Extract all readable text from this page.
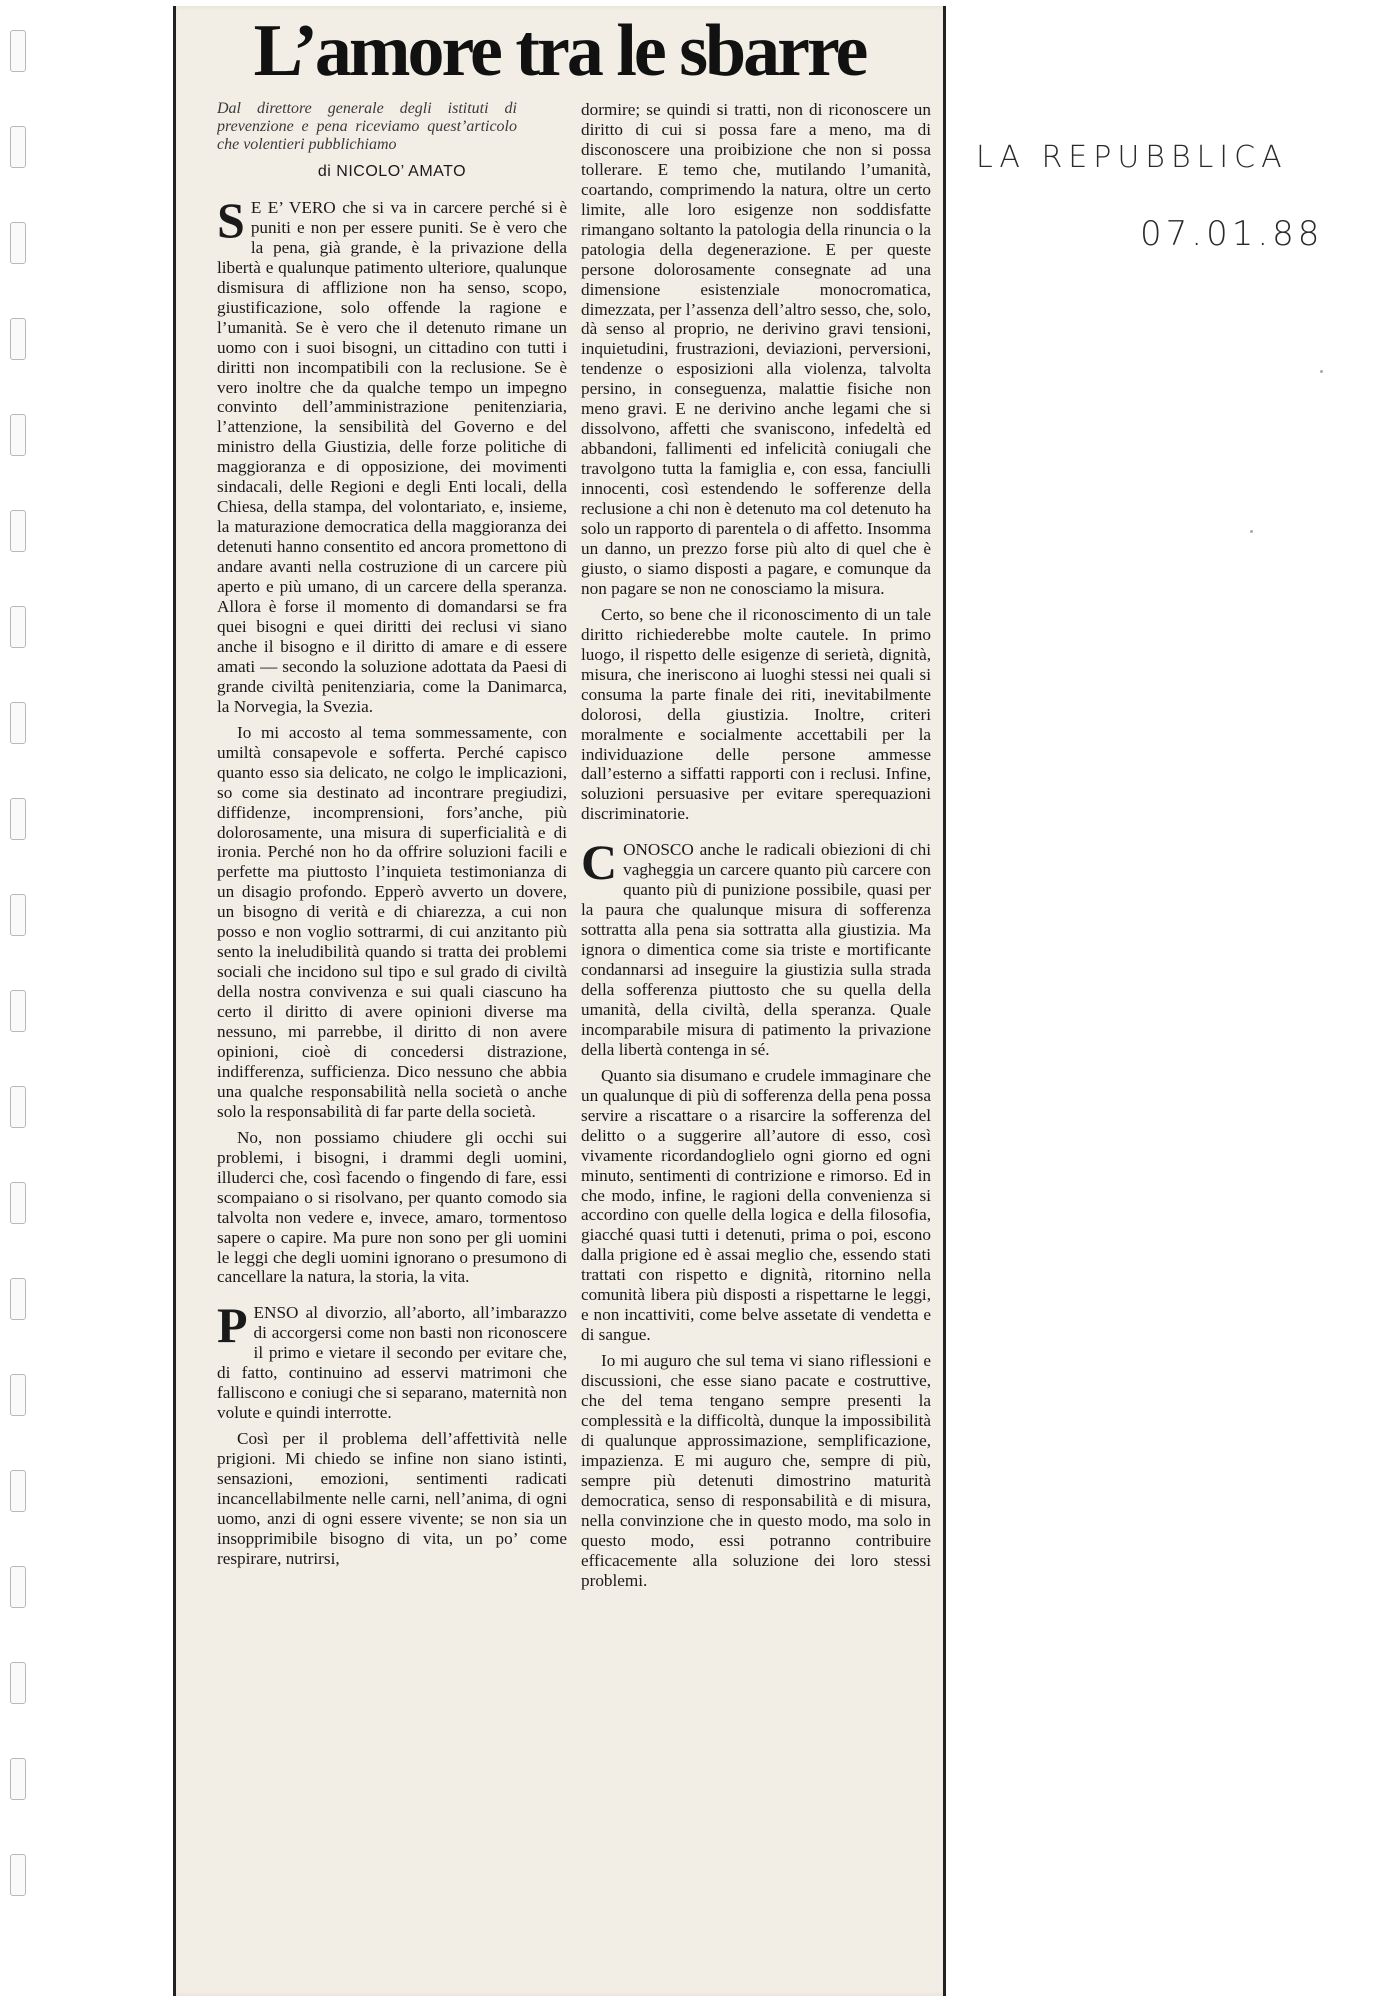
L’amore tra le sbarre
Dal direttore generale degli istituti di prevenzione e pena riceviamo quest’articolo che volentieri pubblichiamo
di NICOLO’ AMATO

S E E’ VERO che si va in carcere perché si è puniti e non per essere puniti. Se è vero che la pena, già grande, è la privazione della libertà e qualunque patimento ulteriore, qualunque dismisura di afflizione non ha senso, scopo, giustificazione, solo offende la ragione e l’umanità. Se è vero che il detenuto rimane un uomo con i suoi bisogni, un cittadino con tutti i diritti non incompatibili con la reclusione. Se è vero inoltre che da qualche tempo un impegno convinto dell’amministrazione penitenziaria, l’attenzione, la sensibilità del Governo e del ministro della Giustizia, delle forze politiche di maggioranza e di opposizione, dei movimenti sindacali, delle Regioni e degli Enti locali, della Chiesa, della stampa, del volontariato, e, insieme, la maturazione democratica della maggioranza dei detenuti hanno consentito ed ancora promettono di andare avanti nella costruzione di un carcere più aperto e più umano, di un carcere della speranza. Allora è forse il momento di domandarsi se fra quei bisogni e quei diritti dei reclusi vi siano anche il bisogno e il diritto di amare e di essere amati — secondo la soluzione adottata da Paesi di grande civiltà penitenziaria, come la Danimarca, la Norvegia, la Svezia.

Io mi accosto al tema sommessamente, con umiltà consapevole e sofferta. Perché capisco quanto esso sia delicato, ne colgo le implicazioni, so come sia destinato ad incontrare pregiudizi, diffidenze, incomprensioni, fors’anche, più dolorosamente, una misura di superficialità e di ironia. Perché non ho da offrire soluzioni facili e perfette ma piuttosto l’inquieta testimonianza di un disagio profondo. Epperò avverto un dovere, un bisogno di verità e di chiarezza, a cui non posso e non voglio sottrarmi, di cui anzitanto più sento la ineludibilità quando si tratta dei problemi sociali che incidono sul tipo e sul grado di civiltà della nostra convivenza e sui quali ciascuno ha certo il diritto di avere opinioni diverse ma nessuno, mi parrebbe, il diritto di non avere opinioni, cioè di concedersi distrazione, indifferenza, sufficienza. Dico nessuno che abbia una qualche responsabilità nella società o anche solo la responsabilità di far parte della società.

No, non possiamo chiudere gli occhi sui problemi, i bisogni, i drammi degli uomini, illuderci che, così facendo o fingendo di fare, essi scompaiano o si risolvano, per quanto comodo sia talvolta non vedere e, invece, amaro, tormentoso sapere o capire. Ma pure non sono per gli uomini le leggi che degli uomini ignorano o presumono di cancellare la natura, la storia, la vita.

PENSO al divorzio, all’aborto, all’imbarazzo di accorgersi come non basti non riconoscere il primo e vietare il secondo per evitare che, di fatto, continuino ad esservi matrimoni che falliscono e coniugi che si separano, maternità non volute e quindi interrotte.

Così per il problema dell’affettività nelle prigioni. Mi chiedo se infine non siano istinti, sensazioni, emozioni, sentimenti radicati incancellabilmente nelle carni, nell’anima, di ogni uomo, anzi di ogni essere vivente; se non sia un insopprimibile bisogno di vita, un po’ come respirare, nutrirsi,

dormire; se quindi si tratti, non di riconoscere un diritto di cui si possa fare a meno, ma di disconoscere una proibizione che non si possa tollerare. E temo che, mutilando l’umanità, coartando, comprimendo la natura, oltre un certo limite, alle loro esigenze non soddisfatte rimangano soltanto la patologia della rinuncia o la patologia della degenerazione. E per queste persone dolorosamente consegnate ad una dimensione esistenziale monocromatica, dimezzata, per l’assenza dell’altro sesso, che, solo, dà senso al proprio, ne derivino gravi tensioni, inquietudini, frustrazioni, deviazioni, perversioni, tendenze o esposizioni alla violenza, talvolta persino, in conseguenza, malattie fisiche non meno gravi. E ne derivino anche legami che si dissolvono, affetti che svaniscono, infedeltà ed abbandoni, fallimenti ed infelicità coniugali che travolgono tutta la famiglia e, con essa, fanciulli innocenti, così estendendo le sofferenze della reclusione a chi non è detenuto ma col detenuto ha solo un rapporto di parentela o di affetto. Insomma un danno, un prezzo forse più alto di quel che è giusto, o siamo disposti a pagare, e comunque da non pagare se non ne conosciamo la misura.

Certo, so bene che il riconoscimento di un tale diritto richiederebbe molte cautele. In primo luogo, il rispetto delle esigenze di serietà, dignità, misura, che ineriscono ai luoghi stessi nei quali si consuma la parte finale dei riti, inevitabilmente dolorosi, della giustizia. Inoltre, criteri moralmente e socialmente accettabili per la individuazione delle persone ammesse dall’esterno a siffatti rapporti con i reclusi. Infine, soluzioni persuasive per evitare sperequazioni discriminatorie.

CONOSCO anche le radicali obiezioni di chi vagheggia un carcere quanto più carcere con quanto più di punizione possibile, quasi per la paura che qualunque misura di sofferenza sottratta alla pena sia sottratta alla giustizia. Ma ignora o dimentica come sia triste e mortificante condannarsi ad inseguire la giustizia sulla strada della sofferenza piuttosto che su quella della umanità, della civiltà, della speranza. Quale incomparabile misura di patimento la privazione della libertà contenga in sé.

Quanto sia disumano e crudele immaginare che un qualunque di più di sofferenza della pena possa servire a riscattare o a risarcire la sofferenza del delitto o a suggerire all’autore di esso, così vivamente ricordandoglielo ogni giorno ed ogni minuto, sentimenti di contrizione e rimorso. Ed in che modo, infine, le ragioni della convenienza si accordino con quelle della logica e della filosofia, giacché quasi tutti i detenuti, prima o poi, escono dalla prigione ed è assai meglio che, essendo stati trattati con rispetto e dignità, ritornino nella comunità libera più disposti a rispettarne le leggi, e non incattiviti, come belve assetate di vendetta e di sangue.

Io mi auguro che sul tema vi siano riflessioni e discussioni, che esse siano pacate e costruttive, che del tema tengano sempre presenti la complessità e la difficoltà, dunque la impossibilità di qualunque approssimazione, semplificazione, impazienza. E mi auguro che, sempre di più, sempre più detenuti dimostrino maturità democratica, senso di responsabilità e di misura, nella convinzione che in questo modo, ma solo in questo modo, essi potranno contribuire efficacemente alla soluzione dei loro stessi problemi.

LA REPUBBLICA
07.01.88
